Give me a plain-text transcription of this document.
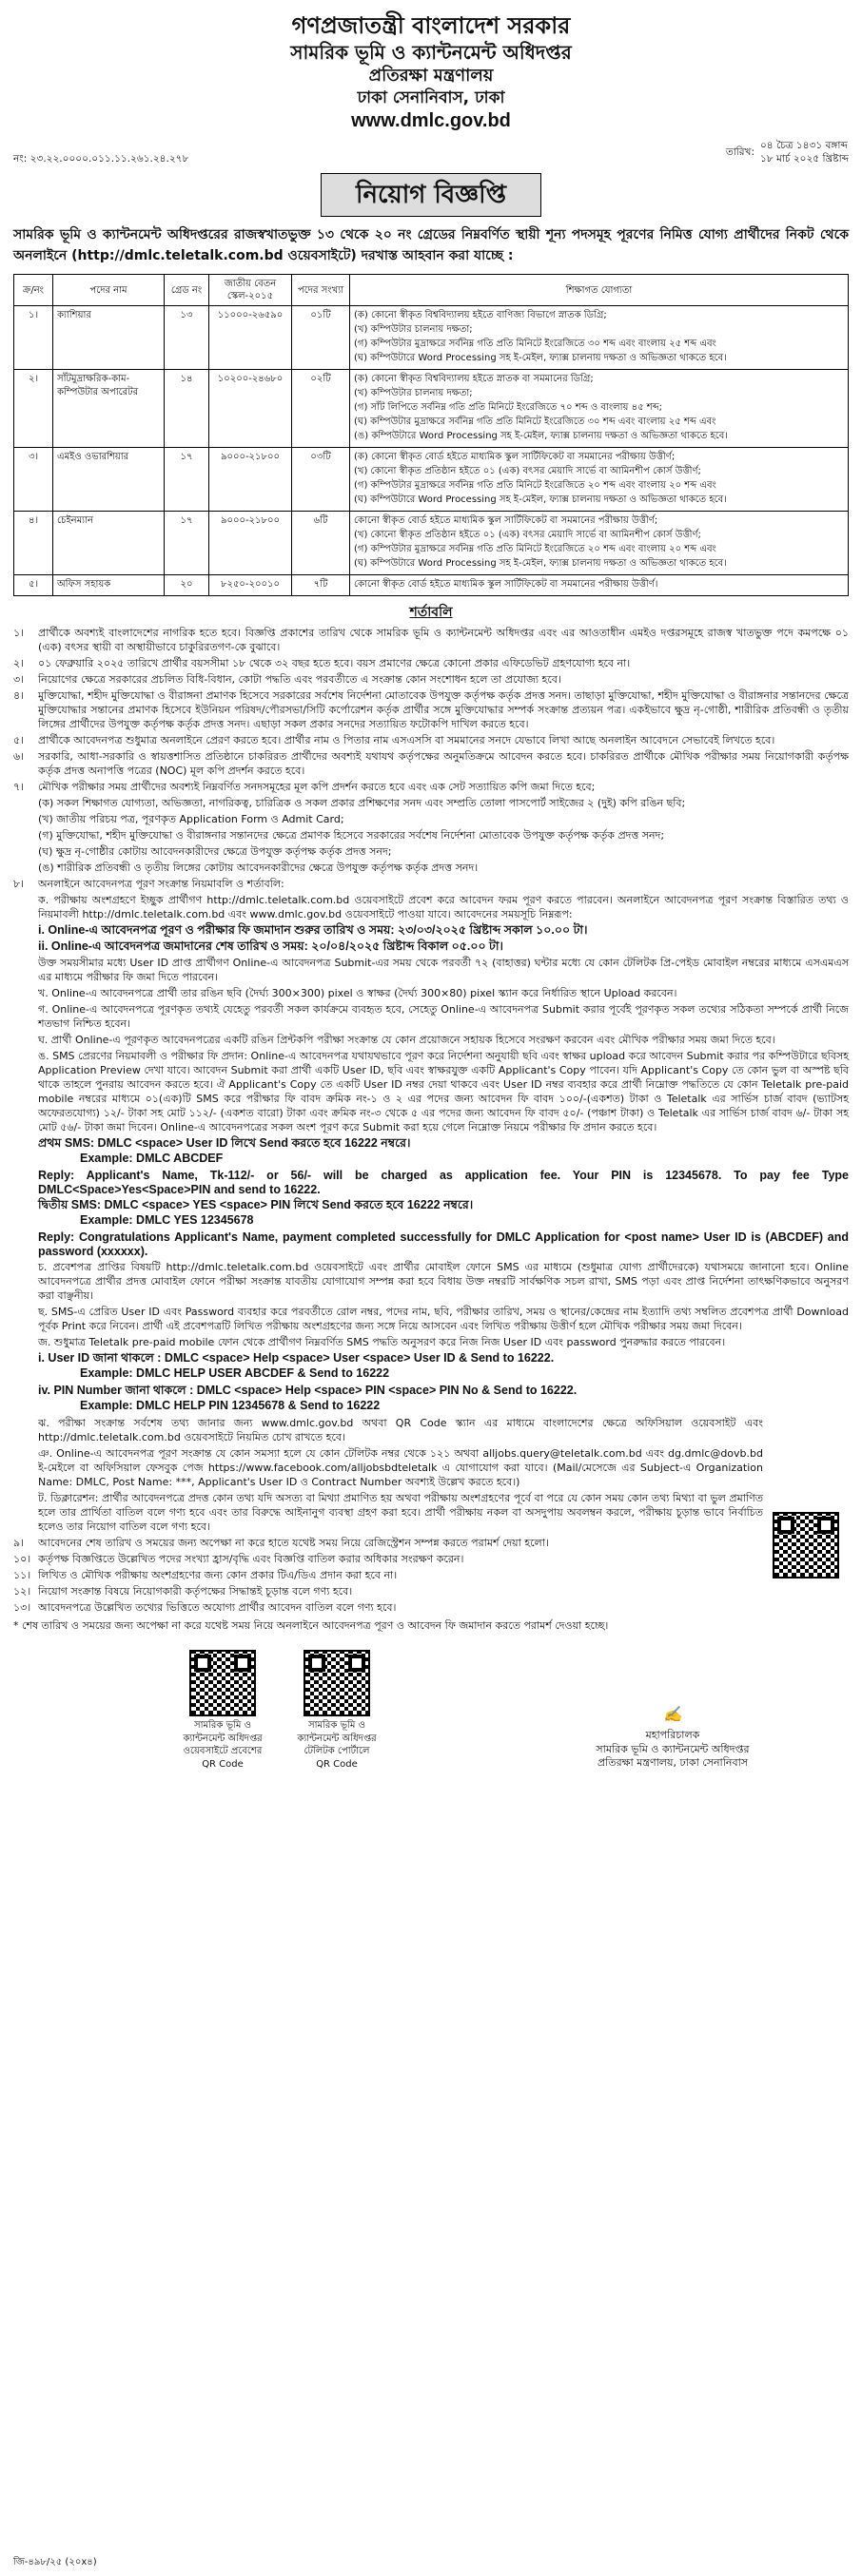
গণপ্রজাতন্ত্রী বাংলাদেশ সরকার
সামরিক ভূমি ও ক্যান্টনমেন্ট অধিদপ্তর
প্রতিরক্ষা মন্ত্রণালয়
ঢাকা সেনানিবাস, ঢাকা
www.dmlc.gov.bd
নং: ২৩.২২.০০০০.০১১.১১.২৬১.২৪.২৭৮
তারিখ:
০৪ চৈত্র ১৪৩১ বঙ্গাব্দ
১৮ মার্চ ২০২৫ খ্রিষ্টাব্দ
নিয়োগ বিজ্ঞপ্তি
সামরিক ভূমি ও ক্যান্টনমেন্ট অধিদপ্তরের রাজস্বখাতভুক্ত ১৩ থেকে ২০ নং গ্রেডের নিম্নবর্ণিত স্থায়ী শূন্য পদসমূহ পূরণের নিমিত্ত যোগ্য প্রার্থীদের নিকট থেকে অনলাইনে (http://dmlc.teletalk.com.bd ওয়েবসাইটে) দরখাস্ত আহবান করা যাচ্ছে :
ক্র/নং	পদের নাম	গ্রেড নং	জাতীয় বেতন স্কেল-২০১৫	পদের সংখ্যা	শিক্ষাগত যোগ্যতা
১।	ক্যাশিয়ার	১৩	১১০০০-২৬৫৯০	০১টি	(ক) কোনো স্বীকৃত বিশ্ববিদ্যালয় হইতে বাণিজ্য বিভাগে স্নাতক ডিগ্রি;
(খ) কম্পিউটার চালনায় দক্ষতা;
(গ) কম্পিউটার মুদ্রাক্ষরে সর্বনিম্ন গতি প্রতি মিনিটে ইংরেজিতে ৩০ শব্দ এবং বাংলায় ২৫ শব্দ এবং
(ঘ) কম্পিউটারে Word Processing সহ ই-মেইল, ফ্যাক্স চালনায় দক্ষতা ও অভিজ্ঞতা থাকতে হবে।

২।	সাঁটমুদ্রাক্ষরিক-কাম-কম্পিউটার অপারেটর	১৪	১০২০০-২৪৬৮০	০২টি	(ক) কোনো স্বীকৃত বিশ্ববিদ্যালয় হইতে স্নাতক বা সমমানের ডিগ্রি;
(খ) কম্পিউটার চালনায় দক্ষতা;
(গ) সাঁট লিপিতে সর্বনিম্ন গতি প্রতি মিনিটে ইংরেজিতে ৭০ শব্দ ও বাংলায় ৪৫ শব্দ;
(ঘ) কম্পিউটার মুদ্রাক্ষরে সর্বনিম্ন গতি প্রতি মিনিটে ইংরেজিতে ৩০ শব্দ এবং বাংলায় ২৫ শব্দ এবং
(ঙ) কম্পিউটারে Word Processing সহ ই-মেইল, ফ্যাক্স চালনায় দক্ষতা ও অভিজ্ঞতা থাকতে হবে।

৩।	এমইও ওভারশিয়ার	১৭	৯০০০-২১৮০০	০৩টি	(ক) কোনো স্বীকৃত বোর্ড হইতে মাধ্যমিক স্কুল সার্টিফিকেট বা সমমানের পরীক্ষায় উত্তীর্ণ;
(খ) কোনো স্বীকৃত প্রতিষ্ঠান হইতে ০১ (এক) বৎসর মেয়াদি সার্ভে বা আমিনশীপ কোর্স উত্তীর্ণ;
(গ) কম্পিউটার মুদ্রাক্ষরে সর্বনিম্ন গতি প্রতি মিনিটে ইংরেজিতে ২০ শব্দ এবং বাংলায় ২০ শব্দ এবং
(ঘ) কম্পিউটারে Word Processing সহ ই-মেইল, ফ্যাক্স চালনায় দক্ষতা ও অভিজ্ঞতা থাকতে হবে।

৪।	চেইনম্যান	১৭	৯০০০-২১৮০০	৬টি	কোনো স্বীকৃত বোর্ড হইতে মাধ্যমিক স্কুল সার্টিফিকেট বা সমমানের পরীক্ষায় উত্তীর্ণ;
(খ) কোনো স্বীকৃত প্রতিষ্ঠান হইতে ০১ (এক) বৎসর মেয়াদি সার্ভে বা আমিনশীপ কোর্স উত্তীর্ণ;
(গ) কম্পিউটার মুদ্রাক্ষরে সর্বনিম্ন গতি প্রতি মিনিটে ইংরেজিতে ২০ শব্দ এবং বাংলায় ২০ শব্দ এবং
(ঘ) কম্পিউটারে Word Processing সহ ই-মেইল, ফ্যাক্স চালনায় দক্ষতা ও অভিজ্ঞতা থাকতে হবে।

৫।	অফিস সহায়ক	২০	৮২৫০-২০০১০	৭টি	কোনো স্বীকৃত বোর্ড হইতে মাধ্যমিক স্কুল সার্টিফিকেট বা সমমানের পরীক্ষায় উত্তীর্ণ।
শর্তাবলি
১।	প্রার্থীকে অবশ্যই বাংলাদেশের নাগরিক হতে হবে। বিজ্ঞপ্তি প্রকাশের তারিখ থেকে সামরিক ভূমি ও ক্যান্টনমেন্ট অধিদপ্তর এবং এর আওতাধীন এমইও দপ্তরসমূহে রাজস্ব খাতভুক্ত পদে কমপক্ষে ০১ (এক) বৎসর স্থায়ী বা অস্থায়ীভাবে চাকুরিরতগণ-কে বুঝাবে।
২।	০১ ফেব্রুয়ারি ২০২৫ তারিখে প্রার্থীর বয়সসীমা ১৮ থেকে ৩২ বছর হতে হবে। বয়স প্রমাণের ক্ষেত্রে কোনো প্রকার এফিডেভিট গ্রহণযোগ্য হবে না।
৩।	নিয়োগের ক্ষেত্রে সরকারের প্রচলিত বিধি-বিধান, কোটা পদ্ধতি এবং পরবর্তীতে এ সংক্রান্ত কোন সংশোধন হলে তা প্রযোজ্য হবে।
৪।	মুক্তিযোদ্ধা, শহীদ মুক্তিযোদ্ধা ও বীরাঙ্গনা প্রমাণক হিসেবে সরকারের সর্বশেষ নির্দেশনা মোতাবেক উপযুক্ত কর্তৃপক্ষ কর্তৃক প্রদত্ত সনদ। তাছাড়া মুক্তিযোদ্ধা, শহীদ মুক্তিযোদ্ধা ও বীরাঙ্গনার সন্তানদের ক্ষেত্রে মুক্তিযোদ্ধার সন্তানের প্রমাণক হিসেবে ইউনিয়ন পরিষদ/পৌরসভা/সিটি কর্পোরেশন কর্তৃক প্রার্থীর সঙ্গে মুক্তিযোদ্ধার সম্পর্ক সংক্রান্ত প্রত্যয়ন পত্র। একইভাবে ক্ষুদ্র নৃ-গোষ্ঠী, শারীরিক প্রতিবন্ধী ও তৃতীয় লিঙ্গের প্রার্থীদের উপযুক্ত কর্তৃপক্ষ কর্তৃক প্রদত্ত সনদ। এছাড়া সকল প্রকার সনদের সত্যায়িত ফটোকপি দাখিল করতে হবে।
৫।	প্রার্থীকে আবেদনপত্র শুধুমাত্র অনলাইনে প্রেরণ করতে হবে। প্রার্থীর নাম ও পিতার নাম এসএসসি বা সমমানের সনদে যেভাবে লিখা আছে অনলাইন আবেদনে সেভাবেই লিখতে হবে।
৬।	সরকারি, আধা-সরকারি ও স্বায়ত্তশাসিত প্রতিষ্ঠানে চাকরিরত প্রার্থীদের অবশ্যই যথাযথ কর্তৃপক্ষের অনুমতিক্রমে আবেদন করতে হবে। চাকরিরত প্রার্থীকে মৌখিক পরীক্ষার সময় নিয়োগকারী কর্তৃপক্ষ কর্তৃক প্রদত্ত অনাপত্তি পত্রের (NOC) মূল কপি প্রদর্শন করতে হবে।
৭।	মৌখিক পরীক্ষার সময় প্রার্থীদের অবশ্যই নিম্নবর্ণিত সনদসমূহের মূল কপি প্রদর্শন করতে হবে এবং এক সেট সত্যায়িত কপি জমা দিতে হবে;
(ক) সকল শিক্ষাগত যোগ্যতা, অভিজ্ঞতা, নাগরিকত্ব, চারিত্রিক ও সকল প্রকার প্রশিক্ষণের সনদ এবং সম্প্রতি তোলা পাসপোর্ট সাইজের ২ (দুই) কপি রঙিন ছবি;
(খ) জাতীয় পরিচয় পত্র, পূরণকৃত Application Form ও Admit Card;
(গ) মুক্তিযোদ্ধা, শহীদ মুক্তিযোদ্ধা ও বীরাঙ্গনার সন্তানদের ক্ষেত্রে প্রমাণক হিসেবে সরকারের সর্বশেষ নির্দেশনা মোতাবেক উপযুক্ত কর্তৃপক্ষ কর্তৃক প্রদত্ত সনদ;
(ঘ) ক্ষুদ্র নৃ-গোষ্ঠীর কোটায় আবেদনকারীদের ক্ষেত্রে উপযুক্ত কর্তৃপক্ষ কর্তৃক প্রদত্ত সনদ;
(ঙ) শারীরিক প্রতিবন্ধী ও তৃতীয় লিঙ্গের কোটায় আবেদনকারীদের ক্ষেত্রে উপযুক্ত কর্তৃপক্ষ কর্তৃক প্রদত্ত সনদ।
৮।	অনলাইনে আবেদনপত্র পূরণ সংক্রান্ত নিয়মাবলি ও শর্তাবলি:
ক. পরীক্ষায় অংশগ্রহণে ইচ্ছুক প্রার্থীগণ http://dmlc.teletalk.com.bd ওয়েবসাইটে প্রবেশ করে আবেদন ফরম পূরণ করতে পারবেন। অনলাইনে আবেদনপত্র পূরণ সংক্রান্ত বিস্তারিত তথ্য ও নিয়মাবলী http://dmlc.teletalk.com.bd এবং www.dmlc.gov.bd ওয়েবসাইটে পাওয়া যাবে। আবেদনের সময়সূচি নিম্নরূপ:
i. Online-এ আবেদনপত্র পূরণ ও পরীক্ষার ফি জমাদান শুরুর তারিখ ও সময়: ২৩/০৩/২০২৫ খ্রিষ্টাব্দ সকাল ১০.০০ টা।
ii. Online-এ আবেদনপত্র জমাদানের শেষ তারিখ ও সময়: ২০/০৪/২০২৫ খ্রিষ্টাব্দ বিকাল ০৫.০০ টা।
উক্ত সময়সীমার মধ্যে User ID প্রাপ্ত প্রার্থীগণ Online-এ আবেদনপত্র Submit-এর সময় থেকে পরবর্তী ৭২ (বাহাত্তর) ঘন্টার মধ্যে যে কোন টেলিটক প্রি-পেইড মোবাইল নম্বরের মাধ্যমে এসএমএস এর মাধ্যমে পরীক্ষার ফি জমা দিতে পারবেন।
খ. Online-এ আবেদনপত্রে প্রার্থী তার রঙিন ছবি (দৈর্ঘ্য 300×300) pixel ও স্বাক্ষর (দৈর্ঘ্য 300×80) pixel স্ক্যান করে নির্ধারিত স্থানে Upload করবেন।
গ. Online-এ আবেদনপত্রে পূরণকৃত তথ্যই যেহেতু পরবর্তী সকল কার্যক্রমে ব্যবহৃত হবে, সেহেতু Online-এ আবেদনপত্র Submit করার পূর্বেই পূরণকৃত সকল তথ্যের সঠিকতা সম্পর্কে প্রার্থী নিজে শতভাগ নিশ্চিত হবেন।
ঘ. প্রার্থী Online-এ পূরণকৃত আবেদনপত্রের একটি রঙিন প্রিন্টকপি পরীক্ষা সংক্রান্ত যে কোন প্রয়োজনে সহায়ক হিসেবে সংরক্ষণ করবেন এবং মৌখিক পরীক্ষার সময় জমা দিতে হবে।
ঙ. SMS প্রেরণের নিয়মাবলী ও পরীক্ষার ফি প্রদান: Online-এ আবেদনপত্র যথাযথভাবে পূরণ করে নির্দেশনা অনুযায়ী ছবি এবং স্বাক্ষর upload করে আবেদন Submit করার পর কম্পিউটারে ছবিসহ Application Preview দেখা যাবে। আবেদন Submit করা প্রার্থী একটি User ID, ছবি এবং স্বাক্ষরযুক্ত একটি Applicant's Copy পাবেন। যদি Applicant's Copy তে কোন ভুল বা অস্পষ্ট ছবি থাকে তাহলে পুনরায় আবেদন করতে হবে। ঐ Applicant's Copy তে একটি User ID নম্বর দেয়া থাকবে এবং User ID নম্বর ব্যবহার করে প্রার্থী নিম্নোক্ত পদ্ধতিতে যে কোন Teletalk pre-paid mobile নম্বরের মাধ্যমে ০১(এক)টি SMS করে পরীক্ষার ফি বাবদ ক্রমিক নং-১ ও ২ এর পদের জন্য আবেদন ফি বাবদ ১০০/-(একশত) টাকা ও Teletalk এর সার্ভিস চার্জ বাবদ (ভ্যাটসহ অফেরতযোগ্য) ১২/- টাকা সহ মোট ১১২/- (একশত বারো) টাকা এবং ক্রমিক নং-৩ থেকে ৫ এর পদের জন্য আবেদন ফি বাবদ ৫০/- (পঞ্চাশ টাকা) ও Teletalk এর সার্ভিস চার্জ বাবদ ৬/- টাকা সহ মোট ৫৬/- টাকা জমা দিবেন। Online-এ আবেদনপত্রের সকল অংশ পূরণ করে Submit করা হয়ে গেলে নিম্নোক্ত নিয়মে পরীক্ষার ফি প্রদান করতে হবে।
প্রথম SMS: DMLC <space> User ID লিখে Send করতে হবে 16222 নম্বরে।
Example: DMLC ABCDEF
Reply: Applicant's Name, Tk-112/- or 56/- will be charged as application fee. Your PIN is 12345678. To pay fee Type DMLC<Space>Yes<Space>PIN and send to 16222.
দ্বিতীয় SMS: DMLC <space> YES <space> PIN লিখে Send করতে হবে 16222 নম্বরে।
Example: DMLC YES 12345678
Reply: Congratulations Applicant's Name, payment completed successfully for DMLC Application for <post name> User ID is (ABCDEF) and password (xxxxxx).
চ. প্রবেশপত্র প্রাপ্তির বিষয়টি http://dmlc.teletalk.com.bd ওয়েবসাইটে এবং প্রার্থীর মোবাইল ফোনে SMS এর মাধ্যমে (শুধুমাত্র যোগ্য প্রার্থীদেরকে) যথাসময়ে জানানো হবে। Online আবেদনপত্রে প্রার্থীর প্রদত্ত মোবাইল ফোনে পরীক্ষা সংক্রান্ত যাবতীয় যোগাযোগ সম্পন্ন করা হবে বিধায় উক্ত নম্বরটি সার্বক্ষণিক সচল রাখা, SMS পড়া এবং প্রাপ্ত নির্দেশনা তাৎক্ষণিকভাবে অনুসরণ করা বাঞ্ছনীয়।
ছ. SMS-এ প্রেরিত User ID এবং Password ব্যবহার করে পরবর্তীতে রোল নম্বর, পদের নাম, ছবি, পরীক্ষার তারিখ, সময় ও স্থানের/কেন্দ্রের নাম ইত্যাদি তথ্য সম্বলিত প্রবেশপত্র প্রার্থী Download পূর্বক Print করে নিবেন। প্রার্থী এই প্রবেশপত্রটি লিখিত পরীক্ষায় অংশগ্রহণের জন্য সঙ্গে নিয়ে আসবেন এবং লিখিত পরীক্ষায় উত্তীর্ণ হলে মৌখিক পরীক্ষার সময় জমা দিবেন।
জ. শুধুমাত্র Teletalk pre-paid mobile ফোন থেকে প্রার্থীগণ নিম্নবর্ণিত SMS পদ্ধতি অনুসরণ করে নিজ নিজ User ID এবং password পুনরুদ্ধার করতে পারবেন।
i. User ID জানা থাকলে : DMLC <space> Help <space> User <space> User ID & Send to 16222.
Example: DMLC HELP USER ABCDEF & Send to 16222
iv. PIN Number জানা থাকলে : DMLC <space> Help <space> PIN <space> PIN No & Send to 16222.
Example: DMLC HELP PIN 12345678 & Send to 16222
ঝ. পরীক্ষা সংক্রান্ত সর্বশেষ তথ্য জানার জন্য www.dmlc.gov.bd অথবা QR Code স্ক্যান এর মাধ্যমে বাংলাদেশের ক্ষেত্রে অফিসিয়াল ওয়েবসাইট এবং http://dmlc.teletalk.com.bd ওয়েবসাইটে নিয়মিত চোখ রাখতে হবে।
ঞ. Online-এ আবেদনপত্র পূরণ সংক্রান্ত যে কোন সমস্যা হলে যে কোন টেলিটক নম্বর থেকে ১২১ অথবা alljobs.query@teletalk.com.bd এবং dg.dmlc@dovb.bd ই-মেইলে বা অফিসিয়াল ফেসবুক পেজ https://www.facebook.com/alljobsbdteletalk এ যোগাযোগ করা যাবে। (Mail/মেসেজে এর Subject-এ Organization Name: DMLC, Post Name: ***, Applicant's User ID ও Contract Number অবশ্যই উল্লেখ করতে হবে।)
ট. ডিক্লারেশন: প্রার্থীর আবেদনপত্রে প্রদত্ত কোন তথ্য যদি অসত্য বা মিথ্যা প্রমাণিত হয় অথবা পরীক্ষায় অংশগ্রহণের পূর্বে বা পরে যে কোন সময় কোন তথ্য মিথ্যা বা ভুল প্রমাণিত হলে তার প্রার্থিতা বাতিল বলে গণ্য হবে এবং তার বিরুদ্ধে আইনানুগ ব্যবস্থা গ্রহণ করা হবে। প্রার্থী পরীক্ষায় নকল বা অসদুপায় অবলম্বন করলে, পরীক্ষায় চূড়ান্ত ভাবে নির্বাচিত হলেও তার নিয়োগ বাতিল বলে গণ্য হবে।
৯।	আবেদনের শেষ তারিখ ও সময়ের জন্য অপেক্ষা না করে হাতে যথেষ্ট সময় নিয়ে রেজিস্ট্রেশন সম্পন্ন করতে পরামর্শ দেয়া হলো।
১০। কর্তৃপক্ষ বিজ্ঞপ্তিতে উল্লেখিত পদের সংখ্যা হ্রাস/বৃদ্ধি এবং বিজ্ঞপ্তি বাতিল করার অধিকার সংরক্ষণ করেন।
১১। লিখিত ও মৌখিক পরীক্ষায় অংশগ্রহণের জন্য কোন প্রকার টিএ/ডিএ প্রদান করা হবে না।
১২। নিয়োগ সংক্রান্ত বিষয়ে নিয়োগকারী কর্তৃপক্ষের সিদ্ধান্তই চূড়ান্ত বলে গণ্য হবে।
১৩। আবেদনপত্রে উল্লেখিত তথ্যের ভিত্তিতে অযোগ্য প্রার্থীর আবেদন বাতিল বলে গণ্য হবে।
* শেষ তারিখ ও সময়ের জন্য অপেক্ষা না করে যথেষ্ট সময় নিয়ে অনলাইনে আবেদনপত্র পূরণ ও আবেদন ফি জমাদান করতে পরামর্শ দেওয়া হচ্ছে।
সামরিক ভূমি ও
ক্যান্টনমেন্ট অধিদপ্তর
ওয়েবসাইটে প্রবেশের
QR Code
সামরিক ভূমি ও
ক্যান্টনমেন্ট অধিদপ্তর
টেলিটক পোর্টালে
QR Code
✍
মহাপরিচালক
সামরিক ভূমি ও ক্যান্টনমেন্ট অধিদপ্তর
প্রতিরক্ষা মন্ত্রণালয়, ঢাকা সেনানিবাস
জি-৪৯৮/২৫ (২০x৪)
